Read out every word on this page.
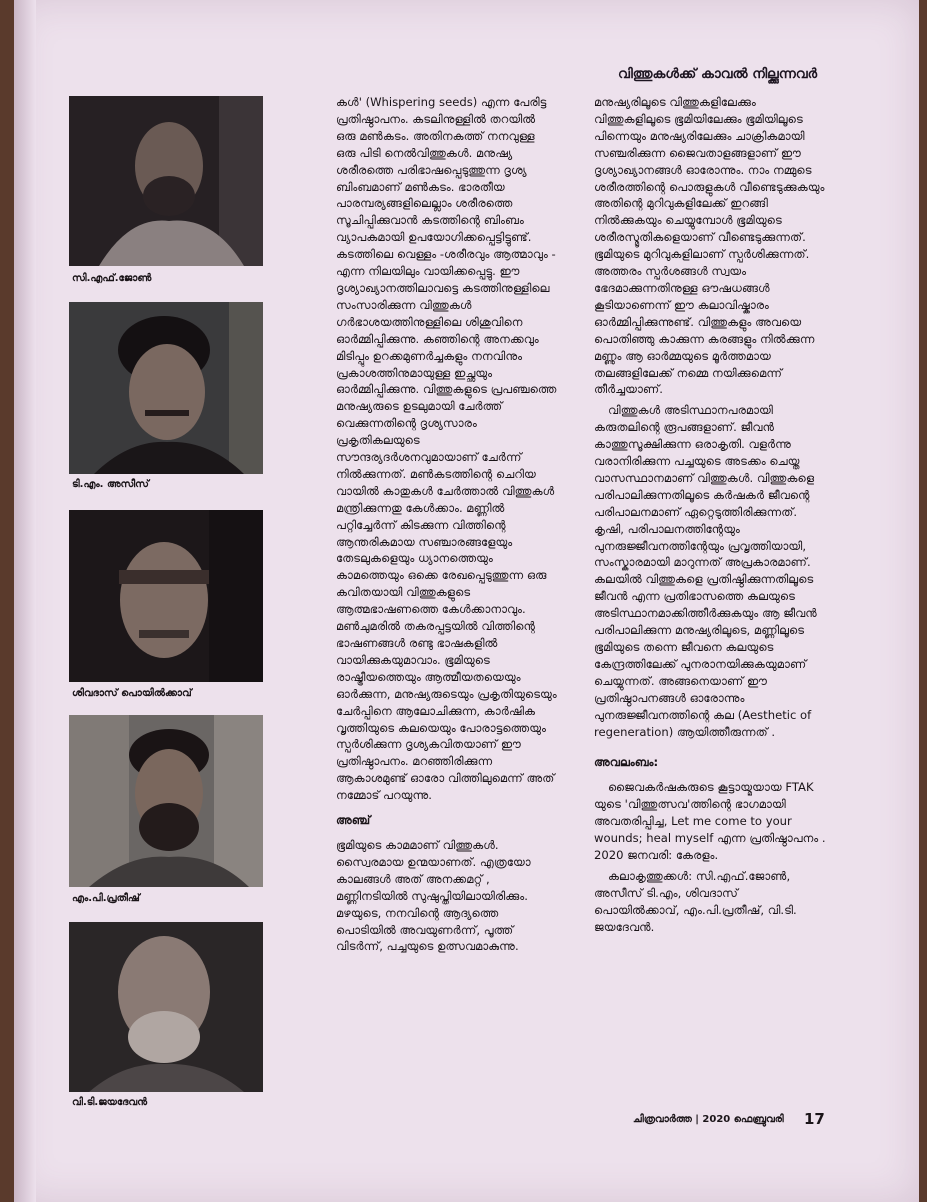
വിത്തുകൾക്ക് കാവൽ നില്ക്കുന്നവർ
സി.എഫ്.ജോൺ
ടി.എം. അസീസ്
ശിവദാസ് പൊയിൽക്കാവ്
എം.പി.പ്രതീഷ്
വി.ടി.ജയദേവൻ

കൾ' (Whispering seeds) എന്ന പേരിട്ട പ്രതിഷ്ഠാപനം. കടലിനുള്ളിൽ തറയിൽ ഒരു മൺകടം. അതിനകത്ത് നനവുള്ള ഒരു പിടി നെൽവിത്തുകൾ. മനുഷ്യ ശരീരത്തെ പരിഭാഷപ്പെടുത്തുന്ന ദൃശ്യ ബിംബമാണ് മൺകടം. ഭാരതീയ പാരമ്പര്യങ്ങളിലെല്ലാം ശരീരത്തെ സൂചിപ്പിക്കുവാൻ കടത്തിന്റെ ബിംബം വ്യാപകമായി ഉപയോഗിക്കപ്പെട്ടിട്ടുണ്ട്. കടത്തിലെ വെള്ളം -ശരീരവും ആത്മാവും - എന്ന നിലയിലും വായിക്കപ്പെട്ടു. ഈ ദൃശ്യാഖ്യാനത്തിലാവട്ടെ കടത്തിനുള്ളിലെ സംസാരിക്കുന്ന വിത്തുകൾ ഗർഭാശയത്തിനുള്ളിലെ ശിശുവിനെ ഓർമ്മിപ്പിക്കുന്നു. കഞ്ഞിന്റെ അനക്കവും മിടിപ്പും ഉറക്കമുണർച്ചകളും നനവിനും പ്രകാശത്തിനുമായുള്ള ഇച്ഛയും ഓർമ്മിപ്പിക്കുന്നു. വിത്തുകളുടെ പ്രപഞ്ചത്തെ മനുഷ്യരുടെ ഉടലുമായി ചേർത്ത് വെക്കുന്നതിന്റെ ദൃശ്യസാരം പ്രകൃതികലയുടെ സൗന്ദര്യദർശനവുമായാണ് ചേർന്ന് നിൽക്കുന്നത്. മൺകടത്തിന്റെ ചെറിയ വായിൽ കാതുകൾ ചേർത്താൽ വിത്തുകൾ മന്ത്രിക്കുന്നതു കേൾക്കാം. മണ്ണിൽ പറ്റിച്ചേർന്ന് കിടക്കുന്ന വിത്തിന്റെ ആന്തരികമായ സഞ്ചാരങ്ങളേയും തേടലുകളെയും ധ്യാനത്തെയും കാമത്തെയും ഒക്കെ രേഖപ്പെടുത്തുന്ന ഒരു കവിതയായി വിത്തുകളുടെ ആത്മഭാഷണത്തെ കേൾക്കാനാവും. മൺചുമരിൽ തകരപ്പട്ടയിൽ വിത്തിന്റെ ഭാഷണങ്ങൾ രണ്ടു ഭാഷകളിൽ വായിക്കുകയുമാവാം. ഭൂമിയുടെ രാഷ്ട്രീയത്തെയും ആത്മീയതയെയും ഓർക്കുന്ന, മനുഷ്യരുടെയും പ്രകൃതിയുടെയും ചേർപ്പിനെ ആലോചിക്കുന്ന, കാർഷിക വൃത്തിയുടെ കലയെയും പോരാട്ടത്തെയും സ്പർശിക്കുന്ന ദൃശ്യകവിതയാണ് ഈ പ്രതിഷ്ഠാപനം. മറഞ്ഞിരിക്കുന്ന ആകാശമുണ്ട് ഓരോ വിത്തിലുമെന്ന് അത് നമ്മോട് പറയുന്നു.

അഞ്ച്

ഭൂമിയുടെ കാമമാണ് വിത്തുകൾ. സ്വൈരമായ ഉന്മയാണത്. എത്രയോ കാലങ്ങൾ അത് അനക്കമറ്റ് , മണ്ണിനടിയിൽ സുഷുപ്തിയിലായിരിക്കും. മഴയുടെ, നനവിന്റെ ആദ്യത്തെ പൊടിയിൽ അവയുണർന്ന്, പൂത്ത് വിടർന്ന്, പച്ചയുടെ ഉത്സവമാകുന്നു.

മനുഷ്യരിലൂടെ വിത്തുകളിലേക്കും വിത്തുകളിലൂടെ ഭൂമിയിലേക്കും ഭൂമിയിലൂടെ പിന്നെയും മനുഷ്യരിലേക്കും ചാക്രികമായി സഞ്ചരിക്കുന്ന ജൈവതാളങ്ങളാണ് ഈ ദൃശ്യാഖ്യാനങ്ങൾ ഓരോന്നും. നാം നമ്മുടെ ശരീരത്തിന്റെ പൊരുളുകൾ വീണ്ടെടുക്കുകയും അതിന്റെ മുറിവുകളിലേക്ക് ഇറങ്ങി നിൽക്കുകയും ചെയ്യുമ്പോൾ ഭൂമിയുടെ ശരീരസ്മൃതികളെയാണ് വീണ്ടെടുക്കുന്നത്. ഭൂമിയുടെ മുറിവുകളിലാണ് സ്പർശിക്കുന്നത്. അത്തരം സ്പർശങ്ങൾ സ്വയം ഭേദമാക്കുന്നതിനുള്ള ഔഷധങ്ങൾ കൂടിയാണെന്ന് ഈ കലാവിഷ്കാരം ഓർമ്മിപ്പിക്കുന്നുണ്ട്. വിത്തുകളും അവയെ പൊതിഞ്ഞു കാക്കുന്ന കരങ്ങളും നിൽക്കുന്ന മണ്ണും ആ ഓർമ്മയുടെ മൂർത്തമായ തലങ്ങളിലേക്ക് നമ്മെ നയിക്കുമെന്ന് തീർച്ചയാണ്.

വിത്തുകൾ അടിസ്ഥാനപരമായി കരുതലിന്റെ രൂപങ്ങളാണ്. ജീവൻ കാത്തുസൂക്ഷിക്കുന്ന ഒരാകൃതി. വളർന്നു വരാനിരിക്കുന്ന പച്ചയുടെ അടക്കം ചെയ്ത വാസസ്ഥാനമാണ് വിത്തുകൾ. വിത്തുകളെ പരിപാലിക്കുന്നതിലൂടെ കർഷകർ ജീവന്റെ പരിപാലനമാണ് ഏറ്റെടുത്തിരിക്കുന്നത്. കൃഷി, പരിപാലനത്തിന്റേയും പുനരുജ്ജീവനത്തിന്റേയും പ്രവൃത്തിയായി, സംസ്കാരമായി മാറുന്നത് അപ്രകാരമാണ്. കലയിൽ വിത്തുകളെ പ്രതിഷ്ഠിക്കുന്നതിലൂടെ ജീവൻ എന്ന പ്രതിഭാസത്തെ കലയുടെ അടിസ്ഥാനമാക്കിത്തീർക്കുകയും ആ ജീവൻ പരിപാലിക്കുന്ന മനുഷ്യരിലൂടെ, മണ്ണിലൂടെ ഭൂമിയുടെ തന്നെ ജീവനെ കലയുടെ കേന്ദ്രത്തിലേക്ക് പുനരാനയിക്കുകയുമാണ് ചെയ്യുന്നത്. അങ്ങനെയാണ് ഈ പ്രതിഷ്ഠാപനങ്ങൾ ഓരോന്നും പുനരുജ്ജീവനത്തിന്റെ കല (Aesthetic of regeneration) ആയിത്തീരുന്നത് .

അവലംബം:

ജൈവകർഷകരുടെ കൂട്ടായ്മയായ FTAK യുടെ 'വിത്തുത്സവ'ത്തിന്റെ ഭാഗമായി അവതരിപ്പിച്ച, Let me come to your wounds; heal myself എന്ന പ്രതിഷ്ഠാപനം . 2020 ജനവരി: കേരളം.

കലാകൃത്തുക്കൾ: സി.എഫ്.ജോൺ, അസീസ് ടി.എം, ശിവദാസ് പൊയിൽക്കാവ്, എം.പി.പ്രതീഷ്, വി.ടി. ജയദേവൻ.

ചിത്രവാർത്ത | 2020 ഫെബ്രുവരി 17
